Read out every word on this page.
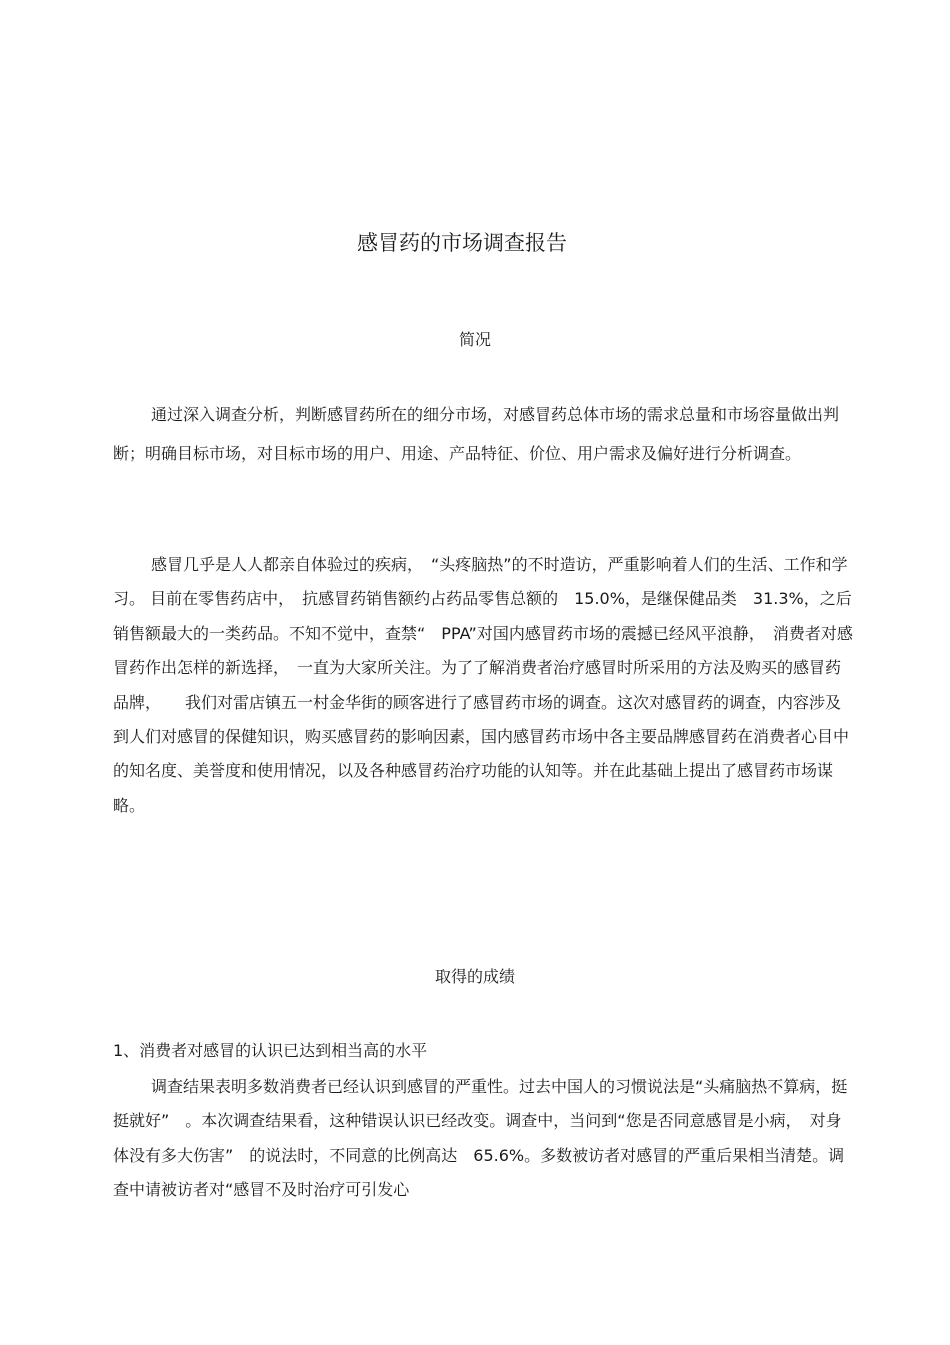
感冒药的市场调查报告
简况

通过深入调查分析，判断感冒药所在的细分市场，对感冒药总体市场的需求总量和市场容量做出判断；明确目标市场，对目标市场的用户、用途、产品特征、价位、用户需求及偏好进行分析调查。

感冒几乎是人人都亲自体验过的疾病，　“头疼脑热”的不时造访，严重影响着人们的生活、工作和学习。 目前在零售药店中，　抗感冒药销售额约占药品零售总额的　15.0%，是继保健品类　31.3%，之后销售额最大的一类药品。不知不觉中，查禁“　PPA”对国内感冒药市场的震撼已经风平浪静，　消费者对感冒药作出怎样的新选择，　一直为大家所关注。为了了解消费者治疗感冒时所采用的方法及购买的感冒药品牌，　　我们对雷店镇五一村金华街的顾客进行了感冒药市场的调查。这次对感冒药的调查，内容涉及到人们对感冒的保健知识，购买感冒药的影响因素，国内感冒药市场中各主要品牌感冒药在消费者心目中的知名度、美誉度和使用情况，以及各种感冒药治疗功能的认知等。并在此基础上提出了感冒药市场谋略。

取得的成绩
1、消费者对感冒的认识已达到相当高的水平

调查结果表明多数消费者已经认识到感冒的严重性。过去中国人的习惯说法是“头痛脑热不算病，挺挺就好”　。本次调查结果看，这种错误认识已经改变。调查中，当问到“您是否同意感冒是小病，　对身体没有多大伤害”　的说法时，不同意的比例高达　65.6%。多数被访者对感冒的严重后果相当清楚。调查中请被访者对“感冒不及时治疗可引发心
